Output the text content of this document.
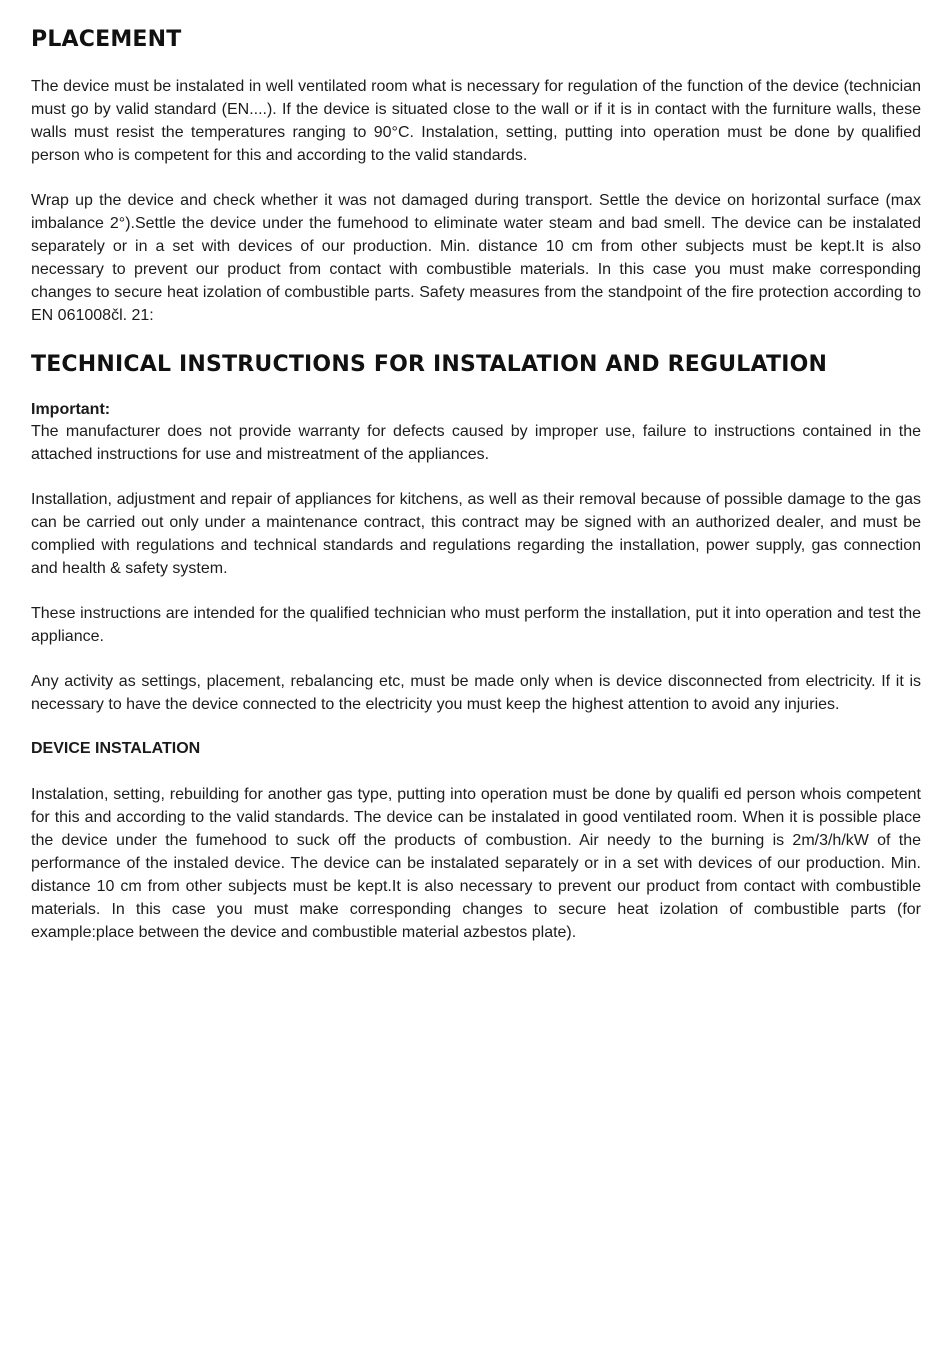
PLACEMENT

The device must be instalated in well ventilated room what is necessary for regulation of the function of the device (technician must go by valid standard (EN....). If the device is situated close to the wall or if it is in contact with the furniture walls, these walls must resist the temperatures ranging to 90°C. Instalation, setting, putting into operation must be done by qualified person who is competent for this and according to the valid standards.

Wrap up the device and check whether it was not damaged during transport. Settle the device on horizontal surface (max imbalance 2°).Settle the device under the fumehood to eliminate water steam and bad smell. The device can be instalated separately or in a set with devices of our production. Min. distance 10 cm from other subjects must be kept.It is also necessary to prevent our product from contact with combustible materials. In this case you must make corresponding changes to secure heat izolation of combustible parts. Safety measures from the standpoint of the fire protection according to EN 061008čl. 21:

TECHNICAL INSTRUCTIONS FOR INSTALATION AND REGULATION
Important:

The manufacturer does not provide warranty for defects caused by improper use, failure to instructions contained in the attached instructions for use and mistreatment of the appliances.

Installation, adjustment and repair of appliances for kitchens, as well as their removal because of possible damage to the gas can be carried out only under a maintenance contract, this contract may be signed with an authorized dealer, and must be complied with regulations and technical standards and regulations regarding the installation, power supply, gas connection and health & safety system.

These instructions are intended for the qualified technician who must perform the installation, put it into operation and test the appliance.

Any activity as settings, placement, rebalancing etc, must be made only when is device disconnected from electricity. If it is necessary to have the device connected to the electricity you must keep the highest attention to avoid any injuries.

DEVICE INSTALATION

Instalation, setting, rebuilding for another gas type, putting into operation must be done by qualifi ed person whois competent for this and according to the valid standards. The device can be instalated in good ventilated room. When it is possible place the device under the fumehood to suck off the products of combustion. Air needy to the burning is 2m/3/h/kW of the performance of the instaled device. The device can be instalated separately or in a set with devices of our production. Min. distance 10 cm from other subjects must be kept.It is also necessary to prevent our product from contact with combustible materials. In this case you must make corresponding changes to secure heat izolation of combustible parts (for example:place between the device and combustible material azbestos plate).
